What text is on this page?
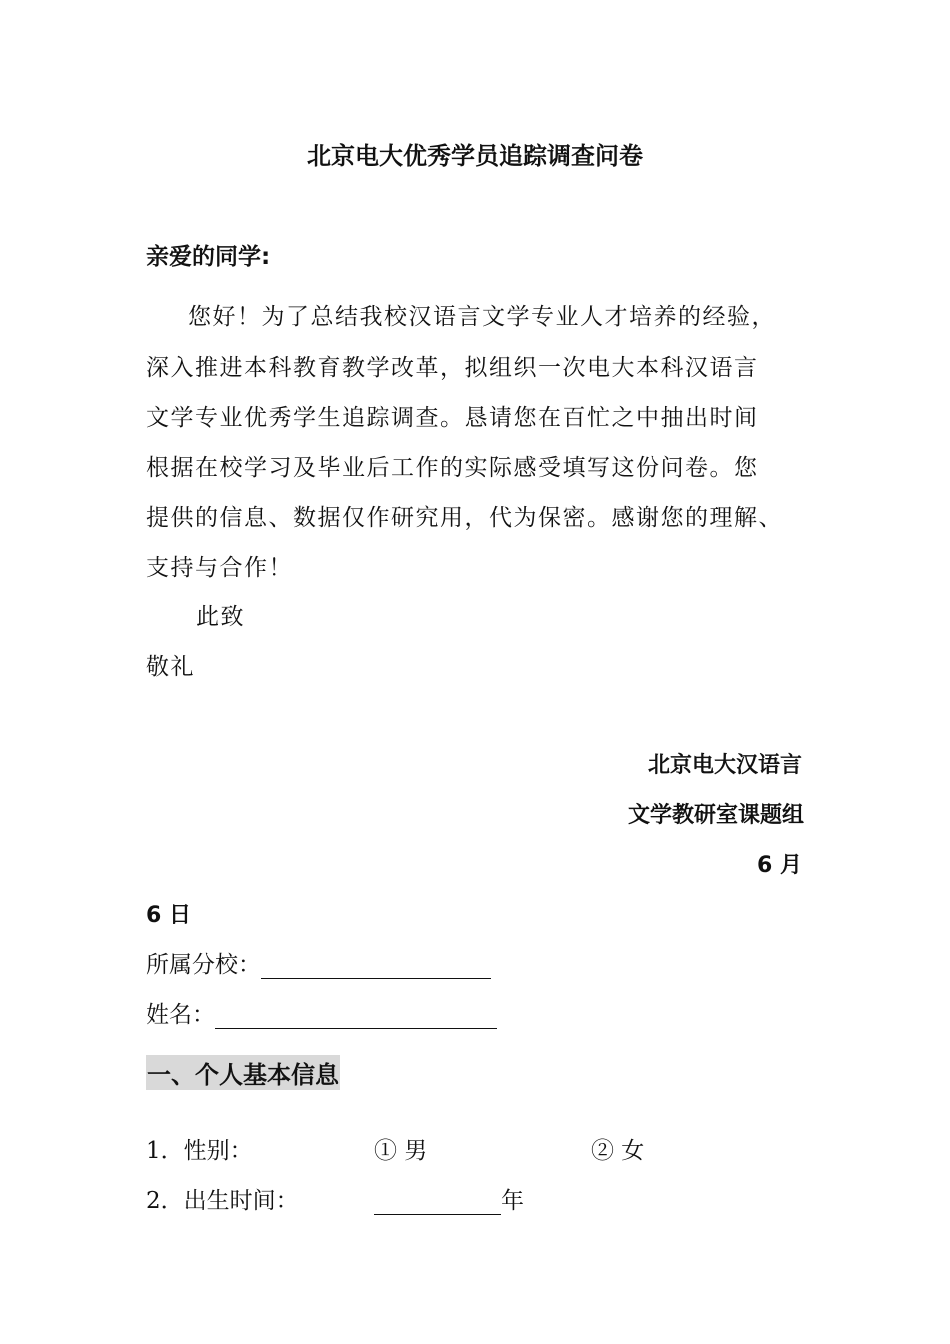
北京电大优秀学员追踪调查问卷
亲爱的同学:
您好！为了总结我校汉语言文学专业人才培养的经验，
深入推进本科教育教学改革，拟组织一次电大本科汉语言
文学专业优秀学生追踪调查。恳请您在百忙之中抽出时间
根据在校学习及毕业后工作的实际感受填写这份问卷。您
提供的信息、数据仅作研究用，代为保密。感谢您的理解、
支持与合作！
此致
敬礼
北京电大汉语言
文学教研室课题组
6 月
6 日
所属分校：
姓名：
一、个人基本信息
1．性别：	① 男	② 女
2．出生时间：	年
